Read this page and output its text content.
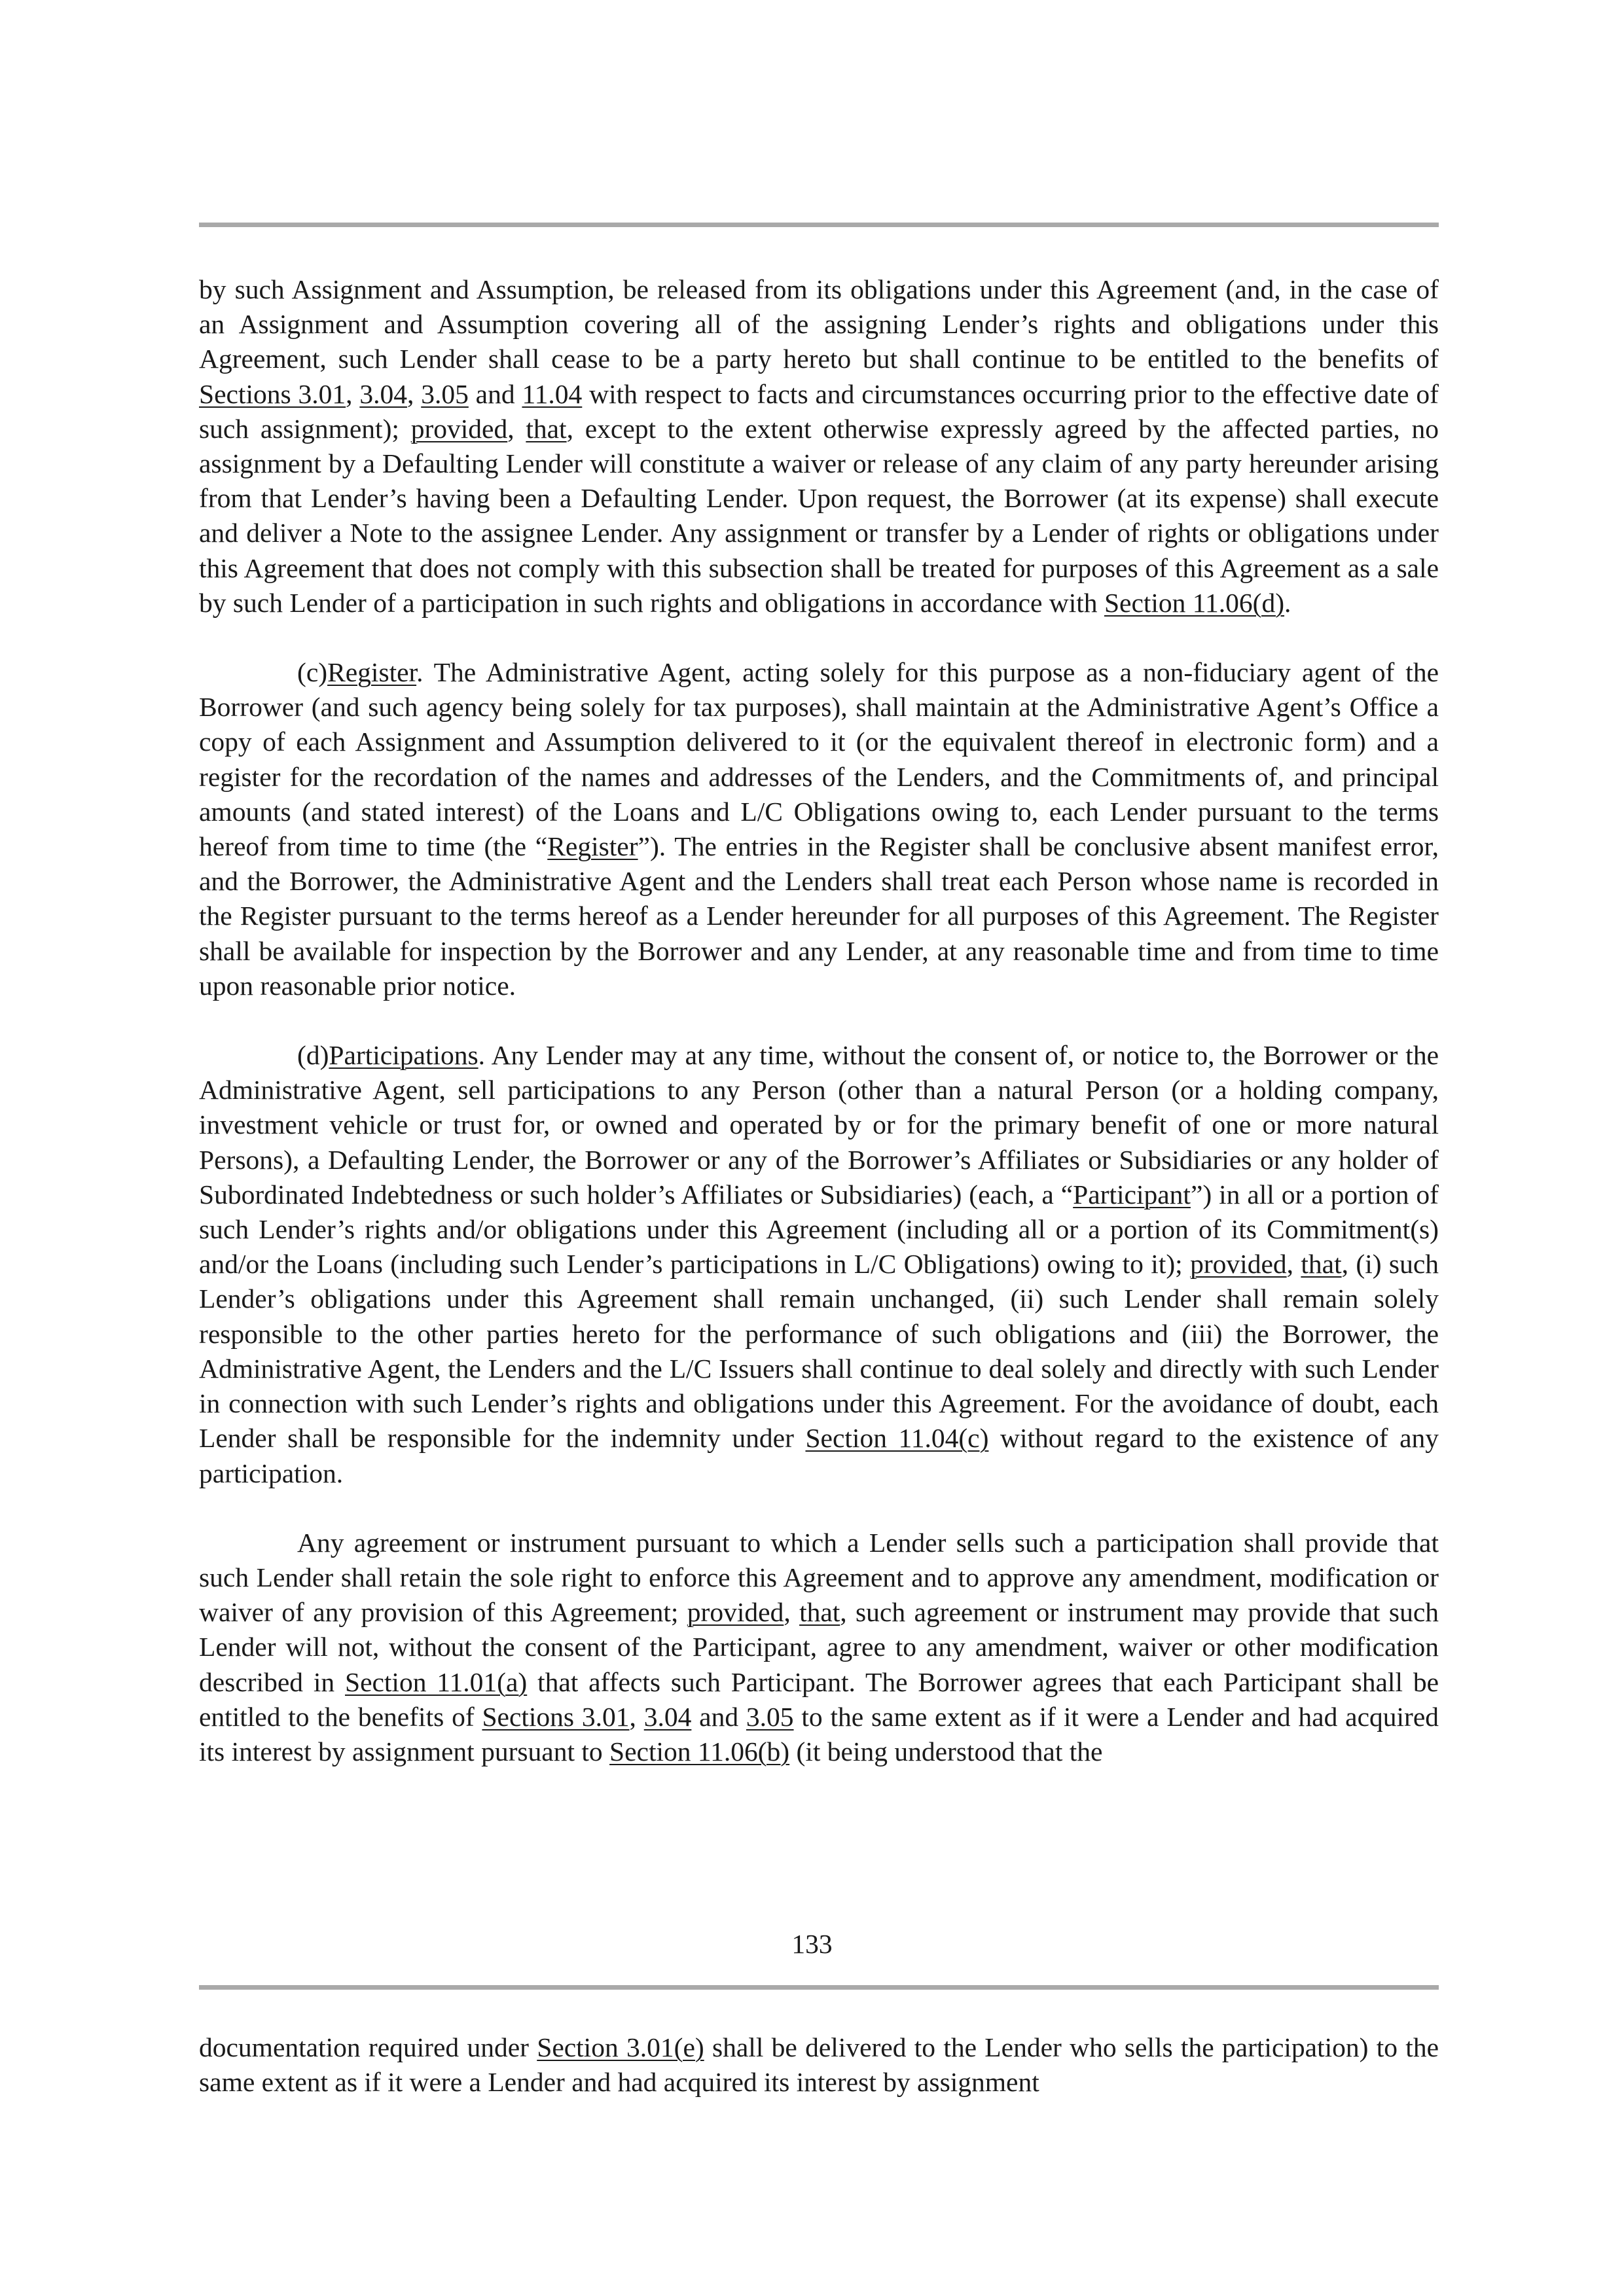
by such Assignment and Assumption, be released from its obligations under this Agreement (and, in the case of an Assignment and Assumption covering all of the assigning Lender’s rights and obligations under this Agreement, such Lender shall cease to be a party hereto but shall continue to be entitled to the benefits of Sections 3.01, 3.04, 3.05 and 11.04 with respect to facts and circumstances occurring prior to the effective date of such assignment); provided, that, except to the extent otherwise expressly agreed by the affected parties, no assignment by a Defaulting Lender will constitute a waiver or release of any claim of any party hereunder arising from that Lender’s having been a Defaulting Lender. Upon request, the Borrower (at its expense) shall execute and deliver a Note to the assignee Lender. Any assignment or transfer by a Lender of rights or obligations under this Agreement that does not comply with this subsection shall be treated for purposes of this Agreement as a sale by such Lender of a participation in such rights and obligations in accordance with Section 11.06(d).

(c)Register. The Administrative Agent, acting solely for this purpose as a non-fiduciary agent of the Borrower (and such agency being solely for tax purposes), shall maintain at the Administrative Agent’s Office a copy of each Assignment and Assumption delivered to it (or the equivalent thereof in electronic form) and a register for the recordation of the names and addresses of the Lenders, and the Commitments of, and principal amounts (and stated interest) of the Loans and L/C Obligations owing to, each Lender pursuant to the terms hereof from time to time (the “Register”). The entries in the Register shall be conclusive absent manifest error, and the Borrower, the Administrative Agent and the Lenders shall treat each Person whose name is recorded in the Register pursuant to the terms hereof as a Lender hereunder for all purposes of this Agreement. The Register shall be available for inspection by the Borrower and any Lender, at any reasonable time and from time to time upon reasonable prior notice.

(d)Participations. Any Lender may at any time, without the consent of, or notice to, the Borrower or the Administrative Agent, sell participations to any Person (other than a natural Person (or a holding company, investment vehicle or trust for, or owned and operated by or for the primary benefit of one or more natural Persons), a Defaulting Lender, the Borrower or any of the Borrower’s Affiliates or Subsidiaries or any holder of Subordinated Indebtedness or such holder’s Affiliates or Subsidiaries) (each, a “Participant”) in all or a portion of such Lender’s rights and/or obligations under this Agreement (including all or a portion of its Commitment(s) and/or the Loans (including such Lender’s participations in L/C Obligations) owing to it); provided, that, (i) such Lender’s obligations under this Agreement shall remain unchanged, (ii) such Lender shall remain solely responsible to the other parties hereto for the performance of such obligations and (iii) the Borrower, the Administrative Agent, the Lenders and the L/C Issuers shall continue to deal solely and directly with such Lender in connection with such Lender’s rights and obligations under this Agreement. For the avoidance of doubt, each Lender shall be responsible for the indemnity under Section 11.04(c) without regard to the existence of any participation.

Any agreement or instrument pursuant to which a Lender sells such a participation shall provide that such Lender shall retain the sole right to enforce this Agreement and to approve any amendment, modification or waiver of any provision of this Agreement; provided, that, such agreement or instrument may provide that such Lender will not, without the consent of the Participant, agree to any amendment, waiver or other modification described in Section 11.01(a) that affects such Participant. The Borrower agrees that each Participant shall be entitled to the benefits of Sections 3.01, 3.04 and 3.05 to the same extent as if it were a Lender and had acquired its interest by assignment pursuant to Section 11.06(b) (it being understood that the

133

documentation required under Section 3.01(e) shall be delivered to the Lender who sells the participation) to the same extent as if it were a Lender and had acquired its interest by assignment
